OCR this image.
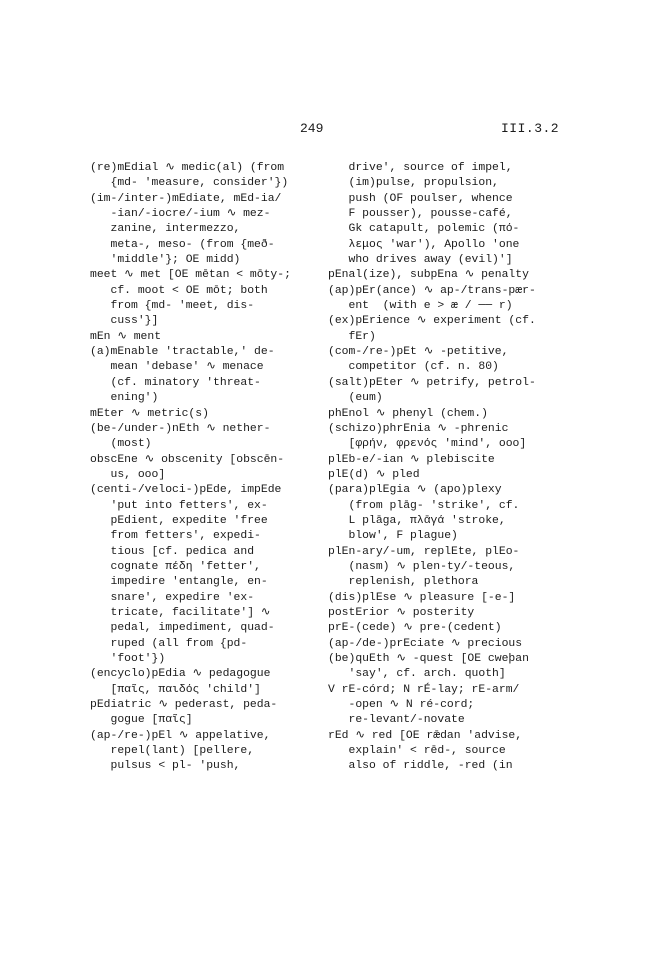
249	III.3.2
(re)mEdial ∿ medic(al) (from
{md- 'measure, consider'})
(im-/inter-)mEdiate, mEd-ia/
-ian/-iocre/-ium ∿ mez-
zanine, intermezzo,
meta-, meso- (from {með-
'middle'}; OE midd)
meet ∿ met [OE mētan < mōty-;
cf. moot < OE mōt; both
from {md- 'meet, dis-
cuss'}]
mEn ∿ ment
(a)mEnable 'tractable,' de-
mean 'debase' ∿ menace
(cf. minatory 'threat-
ening')
mEter ∿ metric(s)
(be-/under-)nEth ∿ nether-
(most)
obscEne ∿ obscenity [obscēn-
us, ooo]
(centi-/veloci-)pEde, impEde
'put into fetters', ex-
pEdient, expedite 'free
from fetters', expedi-
tious [cf. pedica and
cognate πέδη 'fetter',
impedire 'entangle, en-
snare', expedire 'ex-
tricate, facilitate'] ∿
pedal, impediment, quad-
ruped (all from {pd-
'foot'})
(encyclo)pEdia ∿ pedagogue
[παῖς, παιδός 'child']
pEdiatric ∿ pederast, peda-
gogue [παῖς]
(ap-/re-)pEl ∿ appelative,
repel(lant) [pellere,
pulsus < pl- 'push,
drive', source of impel,
(im)pulse, propulsion,
push (OF poulser, whence
F pousser), pousse-café,
Gk catapult, polemic (πό-
λεμος 'war'), Apollo 'one
who drives away (evil)']
pEnal(ize), subpEna ∿ penalty
(ap)pEr(ance) ∿ ap-/trans-pær-
ent  (with e > æ / ── r)
(ex)pErience ∿ experiment (cf.
fEr)
(com-/re-)pEt ∿ -petitive,
competitor (cf. n. 80)
(salt)pEter ∿ petrify, petrol-
(eum)
phEnol ∿ phenyl (chem.)
(schizo)phrEnia ∿ -phrenic
[φρήν, φρενός 'mind', ooo]
plEb-e/-ian ∿ plebiscite
plE(d) ∿ pled
(para)plEgia ∿ (apo)plexy
(from plāg- 'strike', cf.
L plāga, πλᾱγά 'stroke,
blow', F plague)
plEn-ary/-um, replEte, plEo-
(nasm) ∿ plen-ty/-teous,
replenish, plethora
(dis)plEse ∿ pleasure [-e-]
postErior ∿ posterity
prE-(cede) ∿ pre-(cedent)
(ap-/de-)prEciate ∿ precious
(be)quEth ∿ -quest [OE cweþan
'say', cf. arch. quoth]
V rE-córd; N rÉ-lay; rE-arm/
-open ∿ N ré-cord;
re-levant/-novate
rEd ∿ red [OE rǣdan 'advise,
explain' < rēd-, source
also of riddle, -red (in
